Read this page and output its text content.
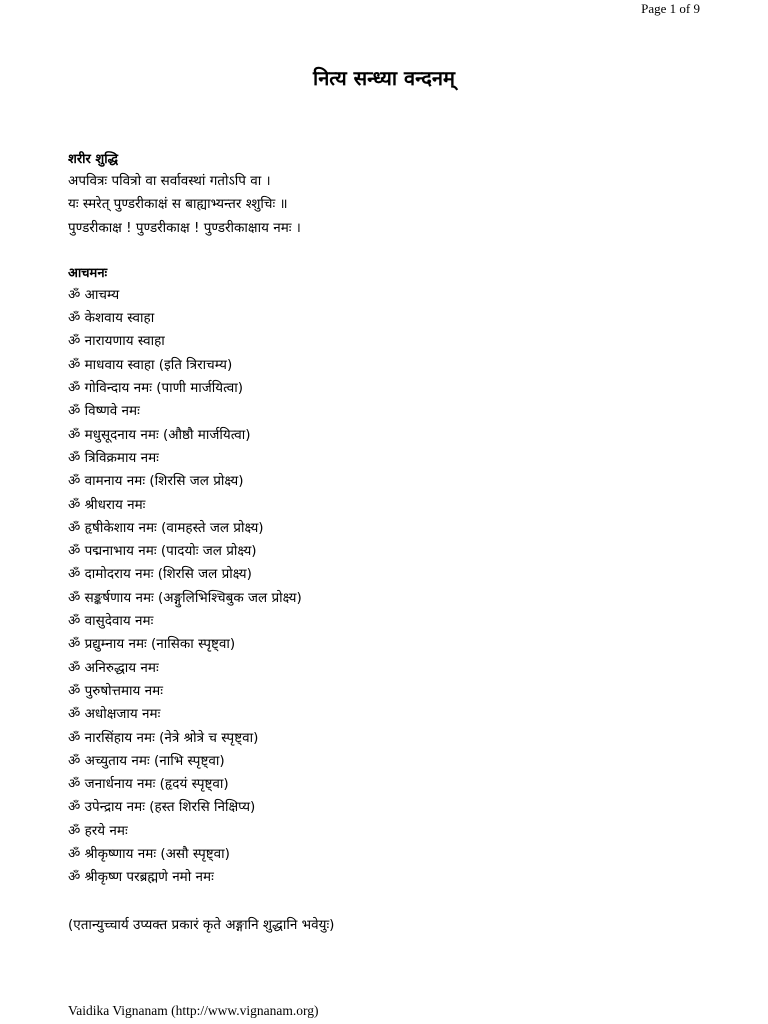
Page 1 of 9
नित्य सन्ध्या वन्दनम्
शरीर शुद्धि
अपवित्रः पवित्रो वा सर्वावस्थां गतोऽपि वा ।
यः स्मरेत् पुण्डरीकाक्षं स बाह्याभ्यन्तर श्शुचिः ॥
पुण्डरीकाक्ष ! पुण्डरीकाक्ष ! पुण्डरीकाक्षाय नमः ।
आचमनः
ॐ आचम्य
ॐ केशवाय स्वाहा
ॐ नारायणाय स्वाहा
ॐ माधवाय स्वाहा (इति त्रिराचम्य)
ॐ गोविन्दाय नमः (पाणी मार्जयित्वा)
ॐ विष्णवे नमः
ॐ मधुसूदनाय नमः (औष्ठौ मार्जयित्वा)
ॐ त्रिविक्रमाय नमः
ॐ वामनाय नमः (शिरसि जल प्रोक्ष्य)
ॐ श्रीधराय नमः
ॐ हृषीकेशाय नमः (वामहस्ते जल प्रोक्ष्य)
ॐ पद्मनाभाय नमः (पादयोः जल प्रोक्ष्य)
ॐ दामोदराय नमः (शिरसि जल प्रोक्ष्य)
ॐ सङ्कर्षणाय नमः (अङ्गुलिभिश्चिबुक जल प्रोक्ष्य)
ॐ वासुदेवाय नमः
ॐ प्रद्युम्नाय नमः (नासिका स्पृष्ट्वा)
ॐ अनिरुद्धाय नमः
ॐ पुरुषोत्तमाय नमः
ॐ अधोक्षजाय नमः
ॐ नारसिंहाय नमः (नेत्रे श्रोत्रे च स्पृष्ट्वा)
ॐ अच्युताय नमः (नाभि स्पृष्ट्वा)
ॐ जनार्धनाय नमः (हृदयं स्पृष्ट्वा)
ॐ उपेन्द्राय नमः (हस्त शिरसि निक्षिप्य)
ॐ हरये नमः
ॐ श्रीकृष्णाय नमः (असौ स्पृष्ट्वा)
ॐ श्रीकृष्ण परब्रह्मणे नमो नमः
(एतान्युच्चार्य उप्यक्त प्रकारं कृते अङ्गानि शुद्धानि भवेयुः)
Vaidika Vignanam (http://www.vignanam.org)
